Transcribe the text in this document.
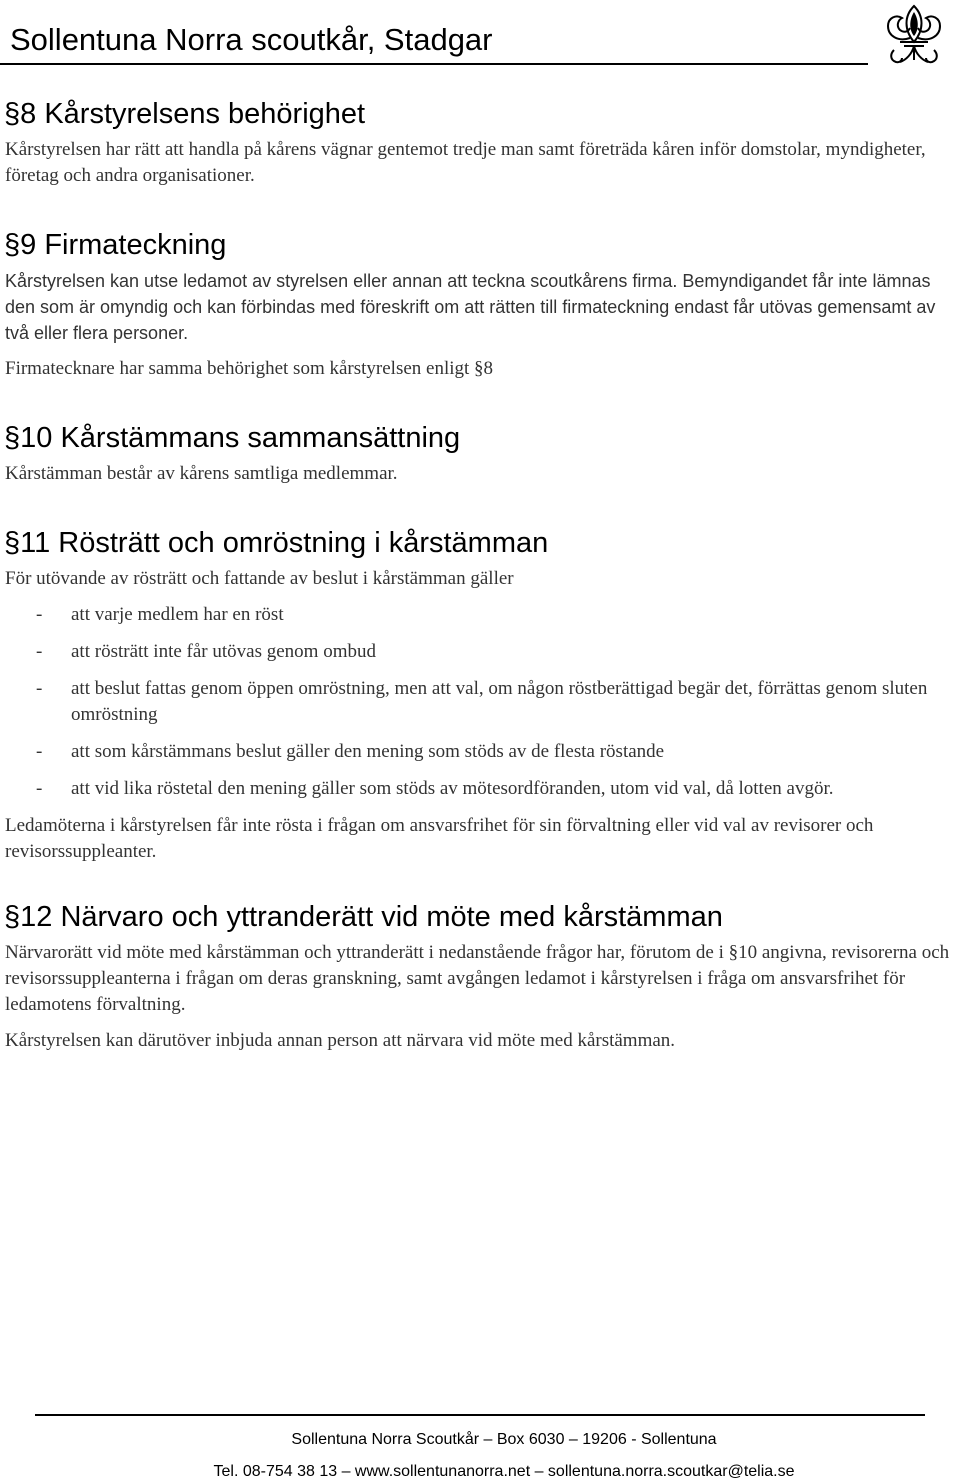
Sollentuna Norra scoutkår, Stadgar
§8 Kårstyrelsens behörighet

Kårstyrelsen har rätt att handla på kårens vägnar gentemot tredje man samt företräda kåren inför domstolar, myndigheter, företag och andra organisationer.

§9 Firmateckning

Kårstyrelsen kan utse ledamot av styrelsen eller annan att teckna scoutkårens firma. Bemyndigandet får inte lämnas den som är omyndig och kan förbindas med föreskrift om att rätten till firmateckning endast får utövas gemensamt av två eller flera personer.

Firmatecknare har samma behörighet som kårstyrelsen enligt §8

§10 Kårstämmans sammansättning

Kårstämman består av kårens samtliga medlemmar.

§11 Rösträtt och omröstning i kårstämman

För utövande av rösträtt och fattande av beslut i kårstämman gäller

- att varje medlem har en röst
- att rösträtt inte får utövas genom ombud
- att beslut fattas genom öppen omröstning, men att val, om någon röstberättigad begär det, förrättas genom sluten omröstning
- att som kårstämmans beslut gäller den mening som stöds av de flesta röstande
- att vid lika röstetal den mening gäller som stöds av mötesordföranden, utom vid val, då lotten avgör.

Ledamöterna i kårstyrelsen får inte rösta i frågan om ansvarsfrihet för sin förvaltning eller vid val av revisorer och revisorssuppleanter.

§12 Närvaro och yttranderätt vid möte med kårstämman

Närvarorätt vid möte med kårstämman och yttranderätt i nedanstående frågor har, förutom de i §10 angivna, revisorerna och revisorssuppleanterna i frågan om deras granskning, samt avgången ledamot i kårstyrelsen i fråga om ansvarsfrihet för ledamotens förvaltning.

Kårstyrelsen kan därutöver inbjuda annan person att närvara vid möte med kårstämman.

Sollentuna Norra Scoutkår – Box 6030 – 19206 - Sollentuna
Tel. 08-754 38 13 – www.sollentunanorra.net – sollentuna.norra.scoutkar@telia.se
